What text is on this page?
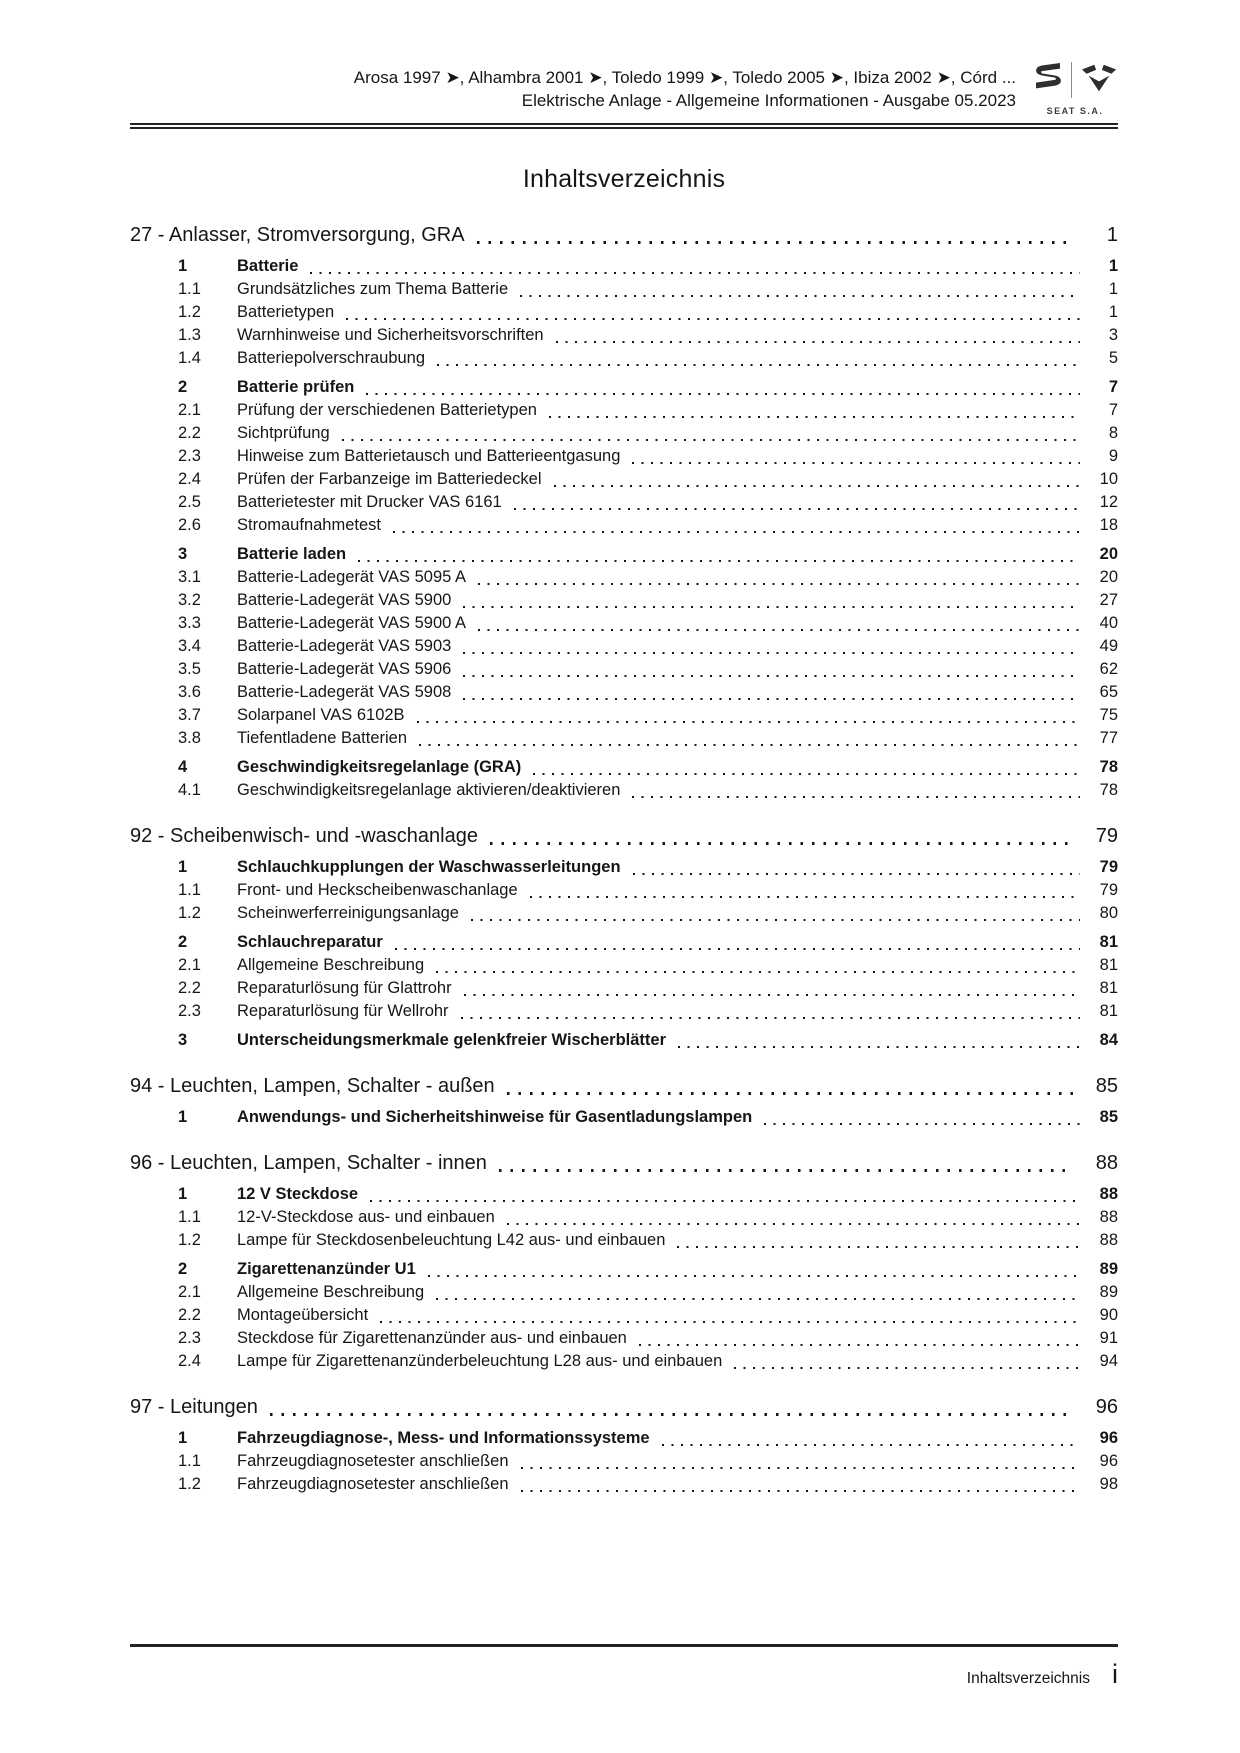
Arosa 1997 ➤, Alhambra 2001 ➤, Toledo 1999 ➤, Toledo 2005 ➤, Ibiza 2002 ➤, Córd ...
Elektrische Anlage - Allgemeine Informationen - Ausgabe 05.2023
SEAT S.A.
Inhaltsverzeichnis
27 - Anlasser, Stromversorgung, GRA	1
1	Batterie	1
1.1	Grundsätzliches zum Thema Batterie	1
1.2	Batterietypen	1
1.3	Warnhinweise und Sicherheitsvorschriften	3
1.4	Batteriepolverschraubung	5
2	Batterie prüfen	7
2.1	Prüfung der verschiedenen Batterietypen	7
2.2	Sichtprüfung	8
2.3	Hinweise zum Batterietausch und Batterieentgasung	9
2.4	Prüfen der Farbanzeige im Batteriedeckel	10
2.5	Batterietester mit Drucker VAS 6161	12
2.6	Stromaufnahmetest	18
3	Batterie laden	20
3.1	Batterie-Ladegerät VAS 5095 A	20
3.2	Batterie-Ladegerät VAS 5900	27
3.3	Batterie-Ladegerät VAS 5900 A	40
3.4	Batterie-Ladegerät VAS 5903	49
3.5	Batterie-Ladegerät VAS 5906	62
3.6	Batterie-Ladegerät VAS 5908	65
3.7	Solarpanel VAS 6102B	75
3.8	Tiefentladene Batterien	77
4	Geschwindigkeitsregelanlage (GRA)	78
4.1	Geschwindigkeitsregelanlage aktivieren/deaktivieren	78
92 - Scheibenwisch- und -waschanlage	79
1	Schlauchkupplungen der Waschwasserleitungen	79
1.1	Front- und Heckscheibenwaschanlage	79
1.2	Scheinwerferreinigungsanlage	80
2	Schlauchreparatur	81
2.1	Allgemeine Beschreibung	81
2.2	Reparaturlösung für Glattrohr	81
2.3	Reparaturlösung für Wellrohr	81
3	Unterscheidungsmerkmale gelenkfreier Wischerblätter	84
94 - Leuchten, Lampen, Schalter - außen	85
1	Anwendungs- und Sicherheitshinweise für Gasentladungslampen	85
96 - Leuchten, Lampen, Schalter - innen	88
1	12 V Steckdose	88
1.1	12-V-Steckdose aus- und einbauen	88
1.2	Lampe für Steckdosenbeleuchtung L42 aus- und einbauen	88
2	Zigarettenanzünder U1	89
2.1	Allgemeine Beschreibung	89
2.2	Montageübersicht	90
2.3	Steckdose für Zigarettenanzünder aus- und einbauen	91
2.4	Lampe für Zigarettenanzünderbeleuchtung L28 aus- und einbauen	94
97 - Leitungen	96
1	Fahrzeugdiagnose-, Mess- und Informationssysteme	96
1.1	Fahrzeugdiagnosetester anschließen	96
1.2	Fahrzeugdiagnosetester anschließen	98
Inhaltsverzeichnis i
